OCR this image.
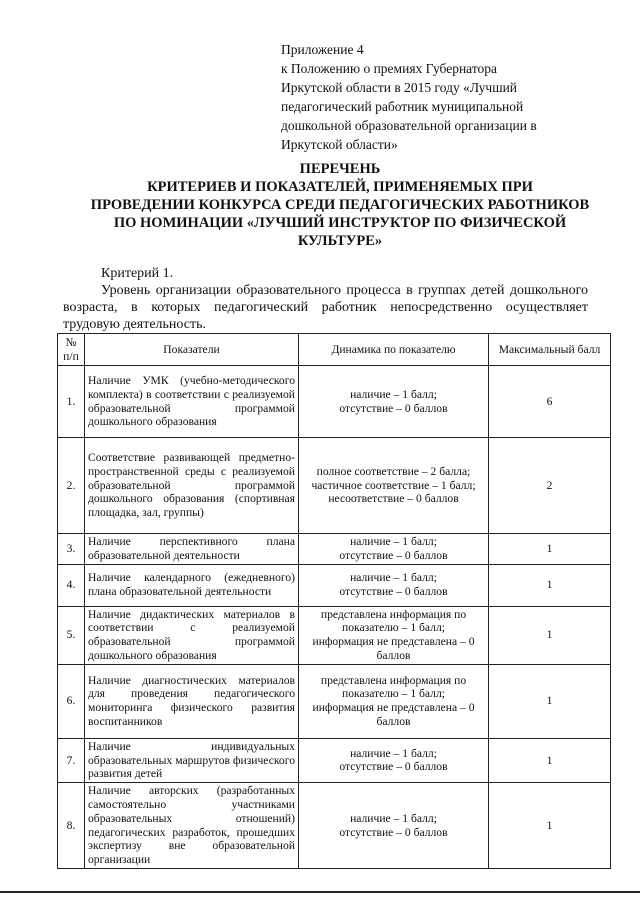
Приложение 4
к Положению о премиях Губернатора
Иркутской области в 2015 году «Лучший
педагогический работник муниципальной
дошкольной образовательной организации в
Иркутской области»
ПЕРЕЧЕНЬ
КРИТЕРИЕВ И ПОКАЗАТЕЛЕЙ, ПРИМЕНЯЕМЫХ ПРИ
ПРОВЕДЕНИИ КОНКУРСА СРЕДИ ПЕДАГОГИЧЕСКИХ РАБОТНИКОВ
ПО НОМИНАЦИИ «ЛУЧШИЙ ИНСТРУКТОР ПО ФИЗИЧЕСКОЙ
КУЛЬТУРЕ»
Критерий 1.
Уровень организации образовательного процесса в группах детей дошкольного возраста, в которых педагогический работник непосредственно осуществляет трудовую деятельность.
№ п/п	Показатели	Динамика по показателю	Максимальный балл
1.	Наличие УМК (учебно-методического комплекта) в соответствии с реализуемой образовательной программой дошкольного образования	наличие – 1 балл;
отсутствие – 0 баллов	6
2.	Соответствие развивающей предметно-пространственной среды с реализуемой образовательной программой дошкольного образования (спортивная площадка, зал, группы)	полное соответствие – 2 балла;
частичное соответствие – 1 балл;
несоответствие – 0 баллов	2
3.	Наличие перспективного плана образовательной деятельности	наличие – 1 балл;
отсутствие – 0 баллов	1
4.	Наличие календарного (ежедневного) плана образовательной деятельности	наличие – 1 балл;
отсутствие – 0 баллов	1
5.	Наличие дидактических материалов в соответствии с реализуемой образовательной программой дошкольного образования	представлена информация по показателю – 1 балл;
информация не представлена – 0 баллов	1
6.	Наличие диагностических материалов для проведения педагогического мониторинга физического развития воспитанников	представлена информация по показателю – 1 балл;
информация не представлена – 0 баллов	1
7.	Наличие индивидуальных образовательных маршрутов физического развития детей	наличие – 1 балл;
отсутствие – 0 баллов	1
8.	Наличие авторских (разработанных самостоятельно участниками образовательных отношений) педагогических разработок, прошедших экспертизу вне образовательной организации	наличие – 1 балл;
отсутствие – 0 баллов	1
